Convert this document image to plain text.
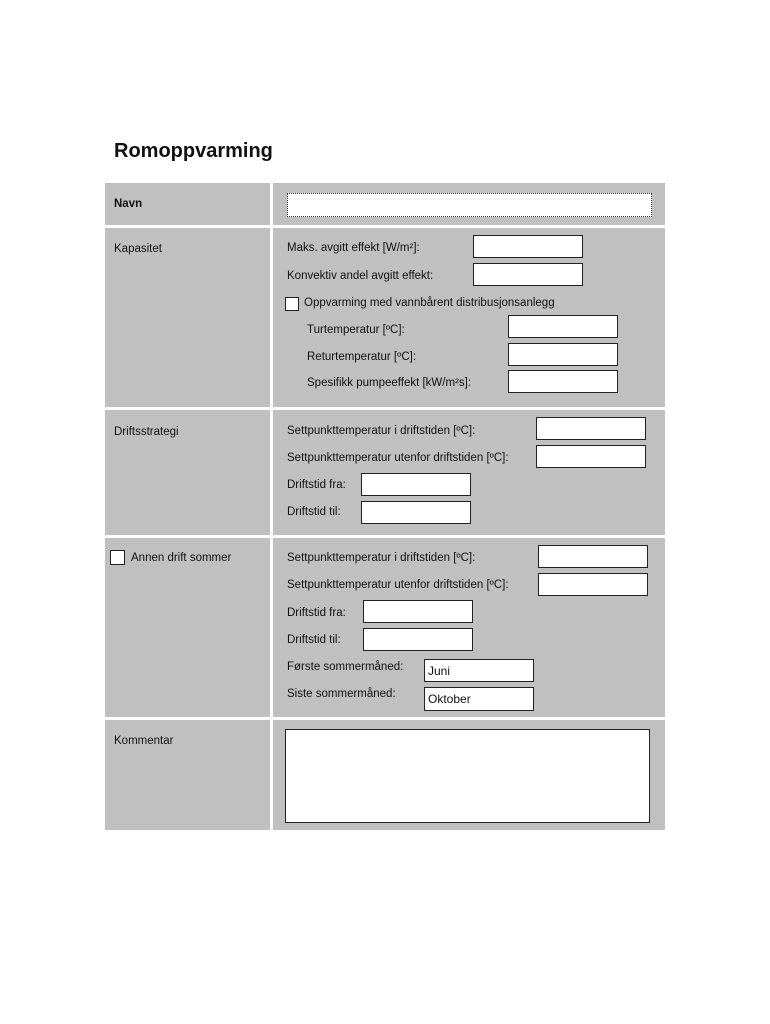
Romoppvarming
Navn
Kapasitet	Maks. avgitt effekt [W/m²]:
Konvektiv andel avgitt effekt:
Oppvarming med vannbårent distribusjonsanlegg
Turtemperatur [ºC]:
Returtemperatur [ºC]:
Spesifikk pumpeeffekt [kW/m²s]:
Driftsstrategi	Settpunkttemperatur i driftstiden [ºC]:
Settpunkttemperatur utenfor driftstiden [ºC]:
Driftstid fra:
Driftstid til:
Annen drift sommer	Settpunkttemperatur i driftstiden [ºC]:
Settpunkttemperatur utenfor driftstiden [ºC]:
Driftstid fra:
Driftstid til:
Første sommermåned:	Juni
Siste sommermåned:	Oktober
Kommentar
